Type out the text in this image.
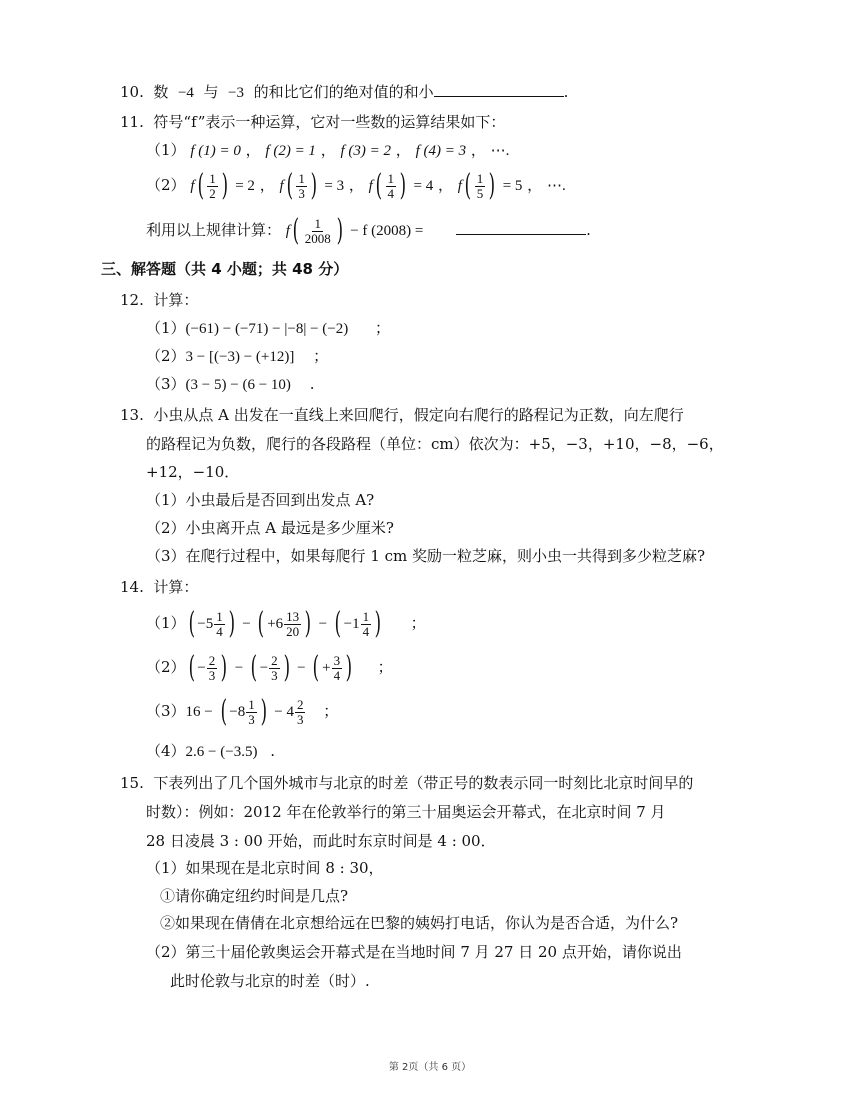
10. 数 −4 与 −3 的和比它们的绝对值的和小	.
11. 符号“f”表示一种运算，它对一些数的运算结果如下：
（1） f (1) = 0 ， f (2) = 1 ， f (3) = 2 ， f (4) = 3 ， ⋯.
（2） $f( \frac{1}{2}$ ) = 2 ， $f( \frac{1}{3}$ ) = 3 ， $f( \frac{1}{4}$ ) = 4 ， $f( \frac{1}{5}$ ) = 5 ， ⋯.
利用以上规律计算： $f( \frac{1}{2008}$ ) − f (2008) =	.
三、解答题（共 4 小题；共 48 分）
12. 计算：
（1）(−61) − (−71) − |−8| − (−2) ；
（2）3 − [(−3) − (+12)] ；
（3）(3 − 5) − (6 − 10) .
13. 小虫从点 A 出发在一直线上来回爬行，假定向右爬行的路程记为正数，向左爬行
的路程记为负数，爬行的各段路程（单位：cm）依次为：+5，−3，+10，−8，−6，
+12，−10．
（1）小虫最后是否回到出发点 A?
（2）小虫离开点 A 最远是多少厘米?
（3）在爬行过程中，如果每爬行 1 cm 奖励一粒芝麻，则小虫一共得到多少粒芝麻?
14. 计算：
$(1)( -5 \frac{1}{4}$ ) − ( $+6 \frac{13}{20}$ ) − ( $-1 \frac{1}{4}$ ) ；
$(2)( - \frac{2}{3}$ ) − ( − $\frac{2}{3}$ ) − ( + $\frac{3}{4}$ ) ；
（3）16 − ( $-8 \frac{1}{3}$ ) − $4 \frac{2}{3}$ ；
（4）2.6 − (−3.5) .
15. 下表列出了几个国外城市与北京的时差（带正号的数表示同一时刻比北京时间早的
时数）：例如：2012 年在伦敦举行的第三十届奥运会开幕式，在北京时间 7 月
28 日凌晨 3 : 00 开始，而此时东京时间是 4 : 00．
（1）如果现在是北京时间 8 : 30，
①请你确定纽约时间是几点?
②如果现在倩倩在北京想给远在巴黎的姨妈打电话，你认为是否合适，为什么?
（2）第三十届伦敦奥运会开幕式是在当地时间 7 月 27 日 20 点开始，请你说出
此时伦敦与北京的时差（时）.
第 2页（共 6 页）
